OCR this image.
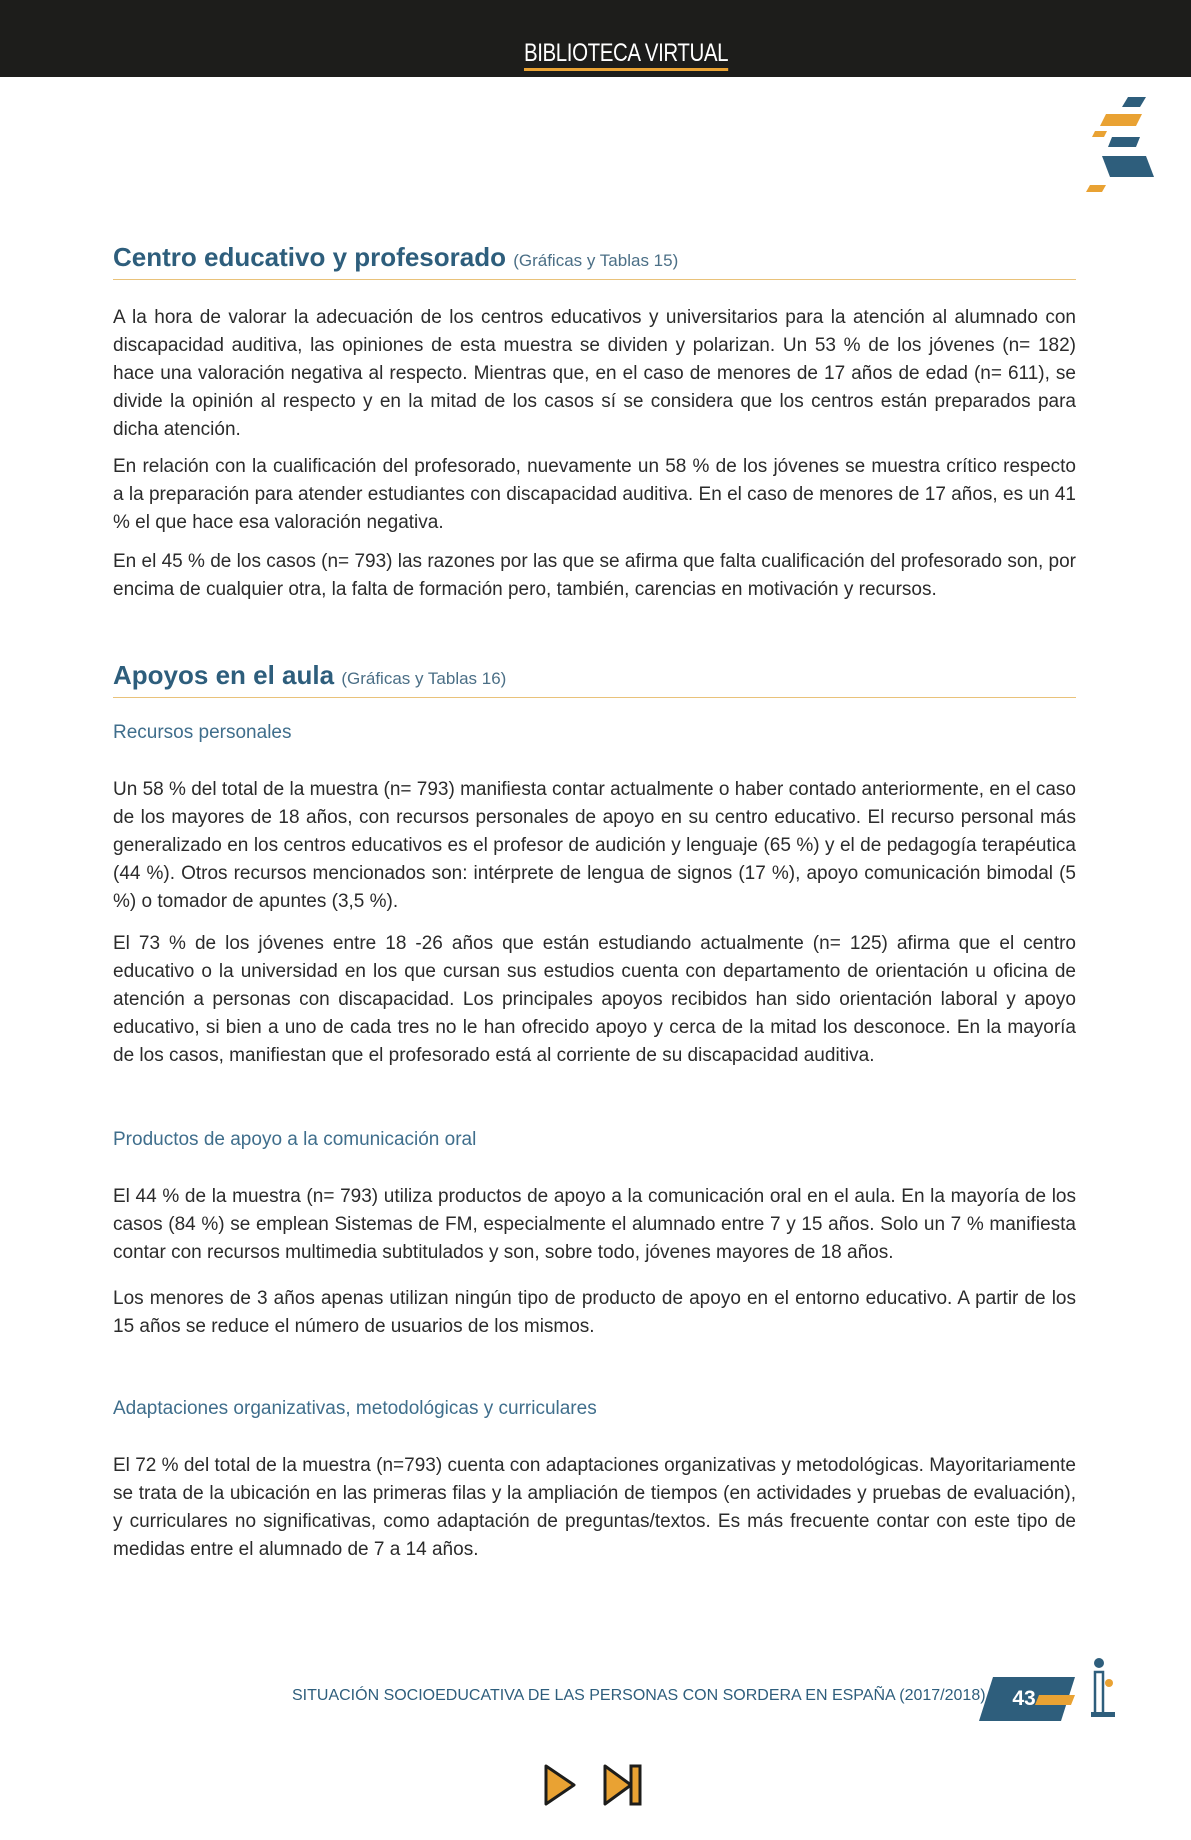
BIBLIOTECA VIRTUAL
Centro educativo y profesorado (Gráficas y Tablas 15)

A la hora de valorar la adecuación de los centros educativos y universitarios para la atención al alumnado con discapacidad auditiva, las opiniones de esta muestra se dividen y polarizan. Un 53 % de los jóvenes (n= 182) hace una valoración negativa al respecto. Mientras que, en el caso de menores de 17 años de edad (n= 611), se divide la opinión al respecto y en la mitad de los casos sí se considera que los centros están preparados para dicha atención.

En relación con la cualificación del profesorado, nuevamente un 58 % de los jóvenes se muestra crítico respecto a la preparación para atender estudiantes con discapacidad auditiva. En el caso de menores de 17 años, es un 41 % el que hace esa valoración negativa.

En el 45 % de los casos (n= 793) las razones por las que se afirma que falta cualificación del profesorado son, por encima de cualquier otra, la falta de formación pero, también, carencias en motivación y recursos.

Apoyos en el aula (Gráficas y Tablas 16)

Recursos personales

Un 58 % del total de la muestra (n= 793) manifiesta contar actualmente o haber contado anteriormente, en el caso de los mayores de 18 años, con recursos personales de apoyo en su centro educativo. El recurso personal más generalizado en los centros educativos es el profesor de audición y lenguaje (65 %) y el de pedagogía terapéutica (44 %). Otros recursos mencionados son: intérprete de lengua de signos (17 %), apoyo comunicación bimodal (5 %) o tomador de apuntes (3,5 %).

El 73 % de los jóvenes entre 18 -26 años que están estudiando actualmente (n= 125) afirma que el centro educativo o la universidad en los que cursan sus estudios cuenta con departamento de orientación u oficina de atención a personas con discapacidad. Los principales apoyos recibidos han sido orientación laboral y apoyo educativo, si bien a uno de cada tres no le han ofrecido apoyo y cerca de la mitad los desconoce. En la mayoría de los casos, manifiestan que el profesorado está al corriente de su discapacidad auditiva.

Productos de apoyo a la comunicación oral

El 44 % de la muestra (n= 793) utiliza productos de apoyo a la comunicación oral en el aula. En la mayoría de los casos (84 %) se emplean Sistemas de FM, especialmente el alumnado entre 7 y 15 años. Solo un 7 % manifiesta contar con recursos multimedia subtitulados y son, sobre todo, jóvenes mayores de 18 años.

Los menores de 3 años apenas utilizan ningún tipo de producto de apoyo en el entorno educativo. A partir de los 15 años se reduce el número de usuarios de los mismos.

Adaptaciones organizativas, metodológicas y curriculares

El 72 % del total de la muestra (n=793) cuenta con adaptaciones organizativas y metodológicas. Mayoritariamente se trata de la ubicación en las primeras filas y la ampliación de tiempos (en actividades y pruebas de evaluación), y curriculares no significativas, como adaptación de preguntas/textos. Es más frecuente contar con este tipo de medidas entre el alumnado de 7 a 14 años.

SITUACIÓN SOCIOEDUCATIVA DE LAS PERSONAS CON SORDERA EN ESPAÑA (2017/2018)	43
